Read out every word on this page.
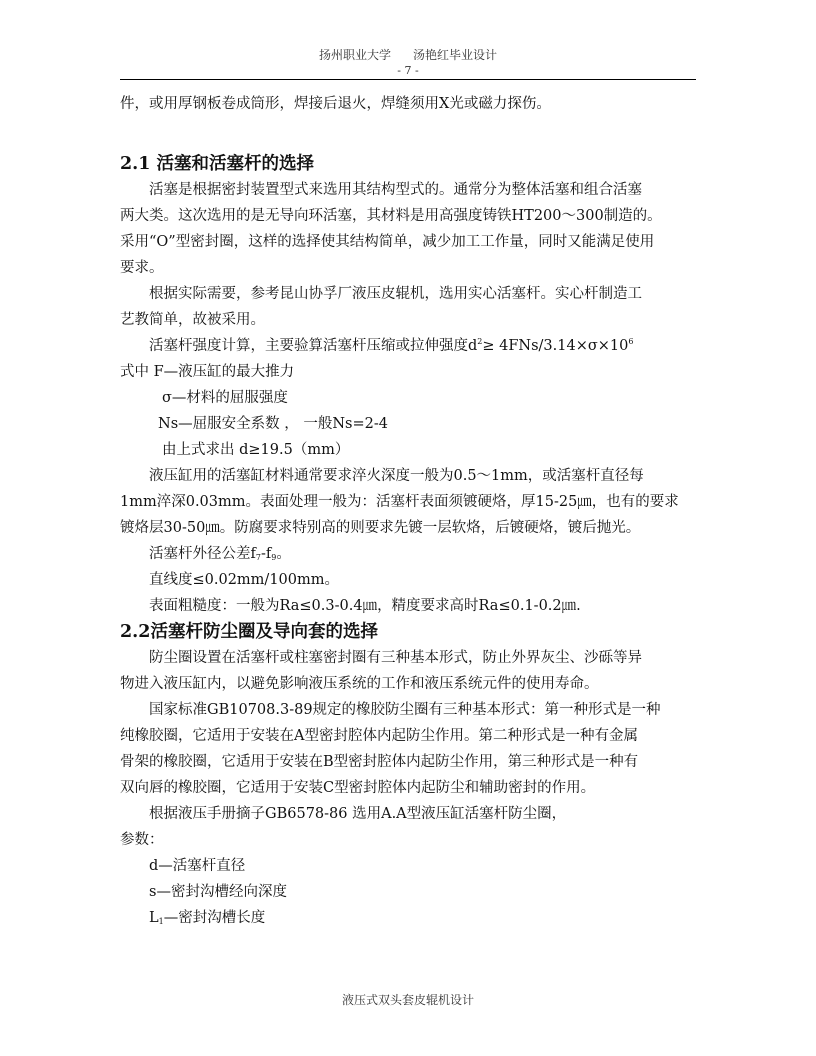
扬州职业大学 汤艳红毕业设计
- 7 -

件，或用厚钢板卷成筒形，焊接后退火，焊缝须用X光或磁力探伤。

2.1 活塞和活塞杆的选择

活塞是根据密封装置型式来选用其结构型式的。通常分为整体活塞和组合活塞

两大类。这次选用的是无导向环活塞，其材料是用高强度铸铁HT200～300制造的。

采用“O”型密封圈，这样的选择使其结构简单，减少加工工作量，同时又能满足使用

要求。

根据实际需要，参考昆山协孚厂液压皮辊机，选用实心活塞杆。实心杆制造工

艺教简单，故被采用。

活塞杆强度计算，主要验算活塞杆压缩或拉伸强度$d^2\ge 4FNs/3.14\times\sigma\times 10^6$

式中 F—液压缸的最大推力

σ—材料的屈服强度

Ns—屈服安全系数 ， 一般Ns=2-4

由上式求出 d≥19.5（mm）

液压缸用的活塞缸材料通常要求淬火深度一般为0.5～1mm，或活塞杆直径每

1mm淬深0.03mm。表面处理一般为：活塞杆表面须镀硬烙，厚15-25㎛，也有的要求

镀烙层30-50㎛。防腐要求特别高的则要求先镀一层软烙，后镀硬烙，镀后抛光。

活塞杆外径公差$f_7-f_9$。

直线度≤0.02mm/100mm。

表面粗糙度：一般为Ra≤0.3-0.4㎛，精度要求高时Ra≤0.1-0.2㎛.

2.2活塞杆防尘圈及导向套的选择

防尘圈设置在活塞杆或柱塞密封圈有三种基本形式，防止外界灰尘、沙砾等异

物进入液压缸内，以避免影响液压系统的工作和液压系统元件的使用寿命。

国家标准GB10708.3-89规定的橡胶防尘圈有三种基本形式：第一种形式是一种

纯橡胶圈，它适用于安装在A型密封腔体内起防尘作用。第二种形式是一种有金属

骨架的橡胶圈，它适用于安装在B型密封腔体内起防尘作用，第三种形式是一种有

双向唇的橡胶圈，它适用于安装C型密封腔体内起防尘和辅助密封的作用。

根据液压手册摘子GB6578-86 选用A.A型液压缸活塞杆防尘圈，

参数：

d—活塞杆直径

s—密封沟槽经向深度

$L_1—$密封沟槽长度

液压式双头套皮辊机设计
